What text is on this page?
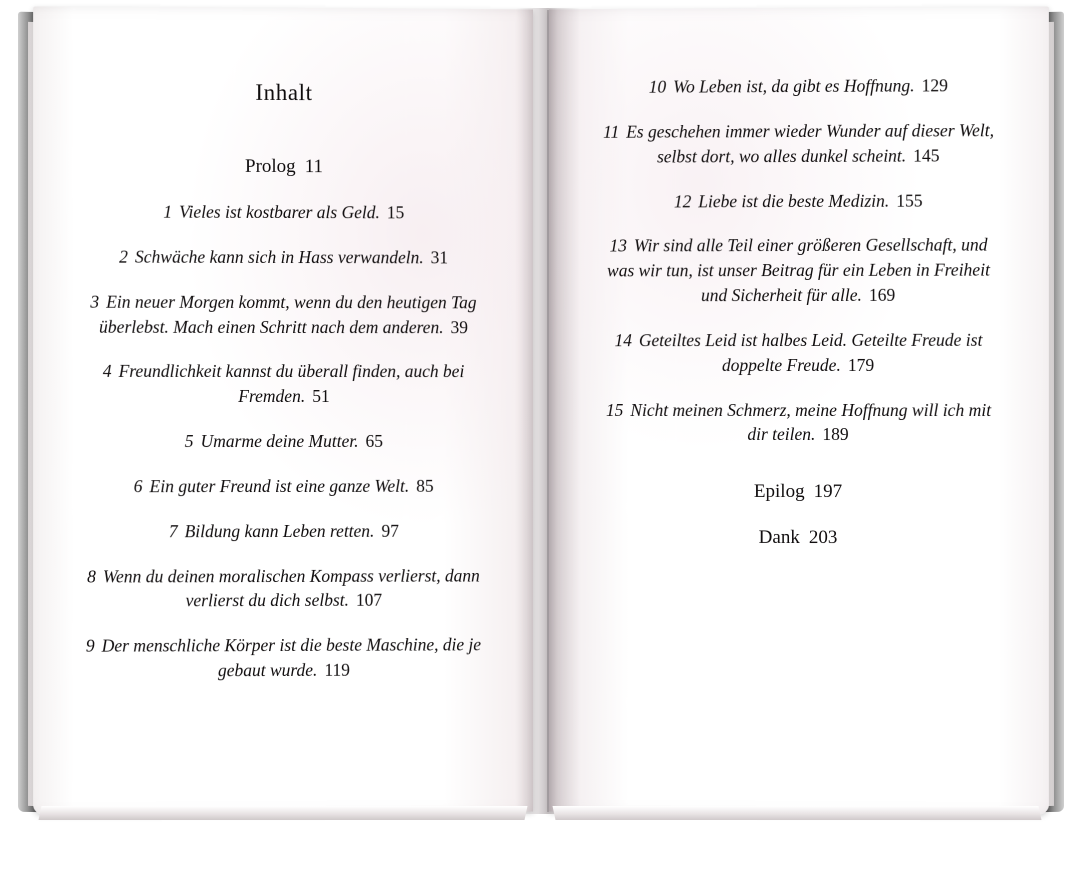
Inhalt
Prolog 11
1 Vieles ist kostbarer als Geld. 15
2 Schwäche kann sich in Hass verwandeln. 31
3 Ein neuer Morgen kommt, wenn du den heutigen Tag überlebst. Mach einen Schritt nach dem anderen. 39
4 Freundlichkeit kannst du überall finden, auch bei Fremden. 51
5 Umarme deine Mutter. 65
6 Ein guter Freund ist eine ganze Welt. 85
7 Bildung kann Leben retten. 97
8 Wenn du deinen moralischen Kompass verlierst, dann verlierst du dich selbst. 107
9 Der menschliche Körper ist die beste Maschine, die je gebaut wurde. 119
10 Wo Leben ist, da gibt es Hoffnung. 129
11 Es geschehen immer wieder Wunder auf dieser Welt, selbst dort, wo alles dunkel scheint. 145
12 Liebe ist die beste Medizin. 155
13 Wir sind alle Teil einer größeren Gesellschaft, und was wir tun, ist unser Beitrag für ein Leben in Freiheit und Sicherheit für alle. 169
14 Geteiltes Leid ist halbes Leid. Geteilte Freude ist doppelte Freude. 179
15 Nicht meinen Schmerz, meine Hoffnung will ich mit dir teilen. 189
Epilog 197
Dank 203
